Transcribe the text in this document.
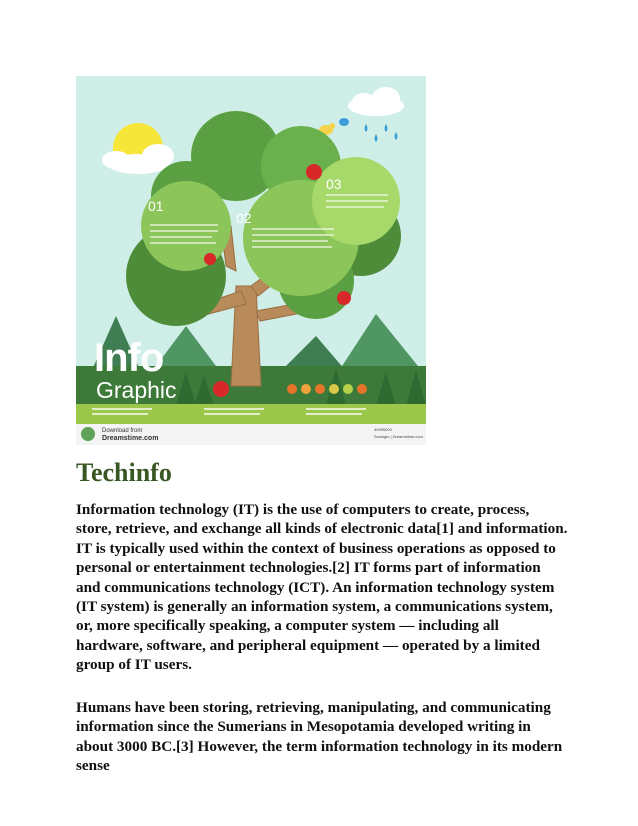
01
02
03
Info
Graphic
Download from
Dreamstime.com
40955000
Sunsiglo | Dreamstime.com
Techinfo

Information technology (IT) is the use of computers to create, process, store, retrieve, and exchange all kinds of electronic data[1] and information. IT is typically used within the context of business operations as opposed to personal or entertainment technologies.[2] IT forms part of information and communications technology (ICT). An information technology system (IT system) is generally an information system, a communications system, or, more specifically speaking, a computer system — including all hardware, software, and peripheral equipment — operated by a limited group of IT users.

Humans have been storing, retrieving, manipulating, and communicating information since the Sumerians in Mesopotamia developed writing in about 3000 BC.[3] However, the term information technology in its modern sense
